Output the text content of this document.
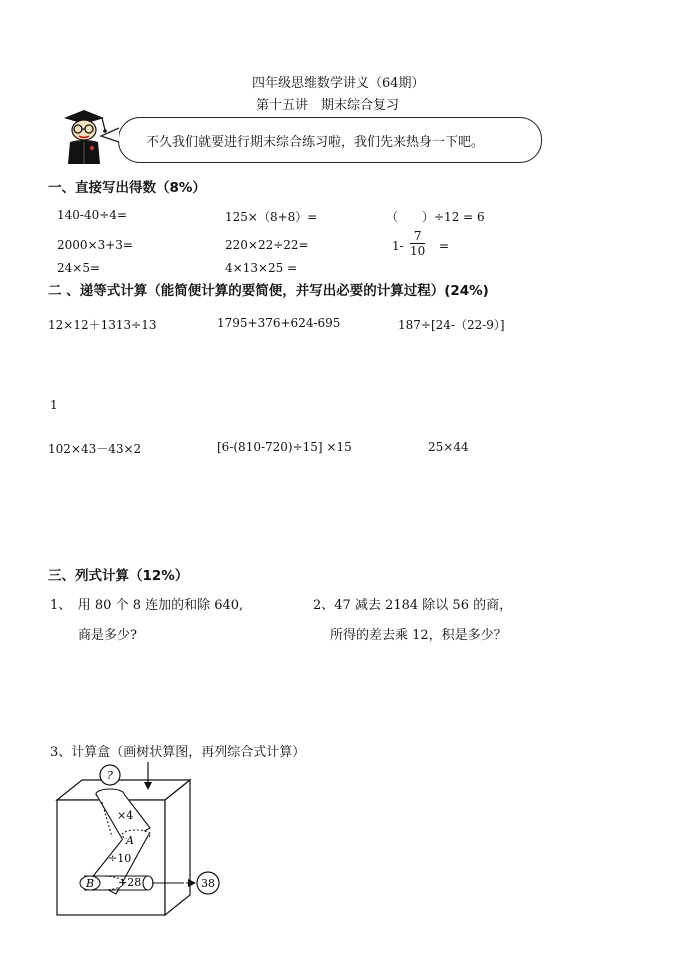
四年级思维数学讲义（64期）
第十五讲　期末综合复习
不久我们就要进行期末综合练习啦，我们先来热身一下吧。
一、直接写出得数（8%）
140-40÷4=	125×（8+8）=	（　　）÷12 = 6
2000×3+3=	220×22÷22=	$1- \frac{7}{10}$ =
24×5=	4×13×25 =
二 、递等式计算（能简便计算的要简便，并写出必要的计算过程）(24%)
12×12＋1313÷13	1795+376+624-695	187÷[24-（22-9）]
1
102×43－43×2	[6-(810-720)÷15] ×15	25×44
三、列式计算（12%）
1、　用 80 个 8 连加的和除 640,
商是多少?
2、47 减去 2184 除以 56 的商，
所得的差去乘 12，积是多少？
3、计算盒（画树状算图，再列综合式计算）
?
×4
A
÷10
B +28	38
